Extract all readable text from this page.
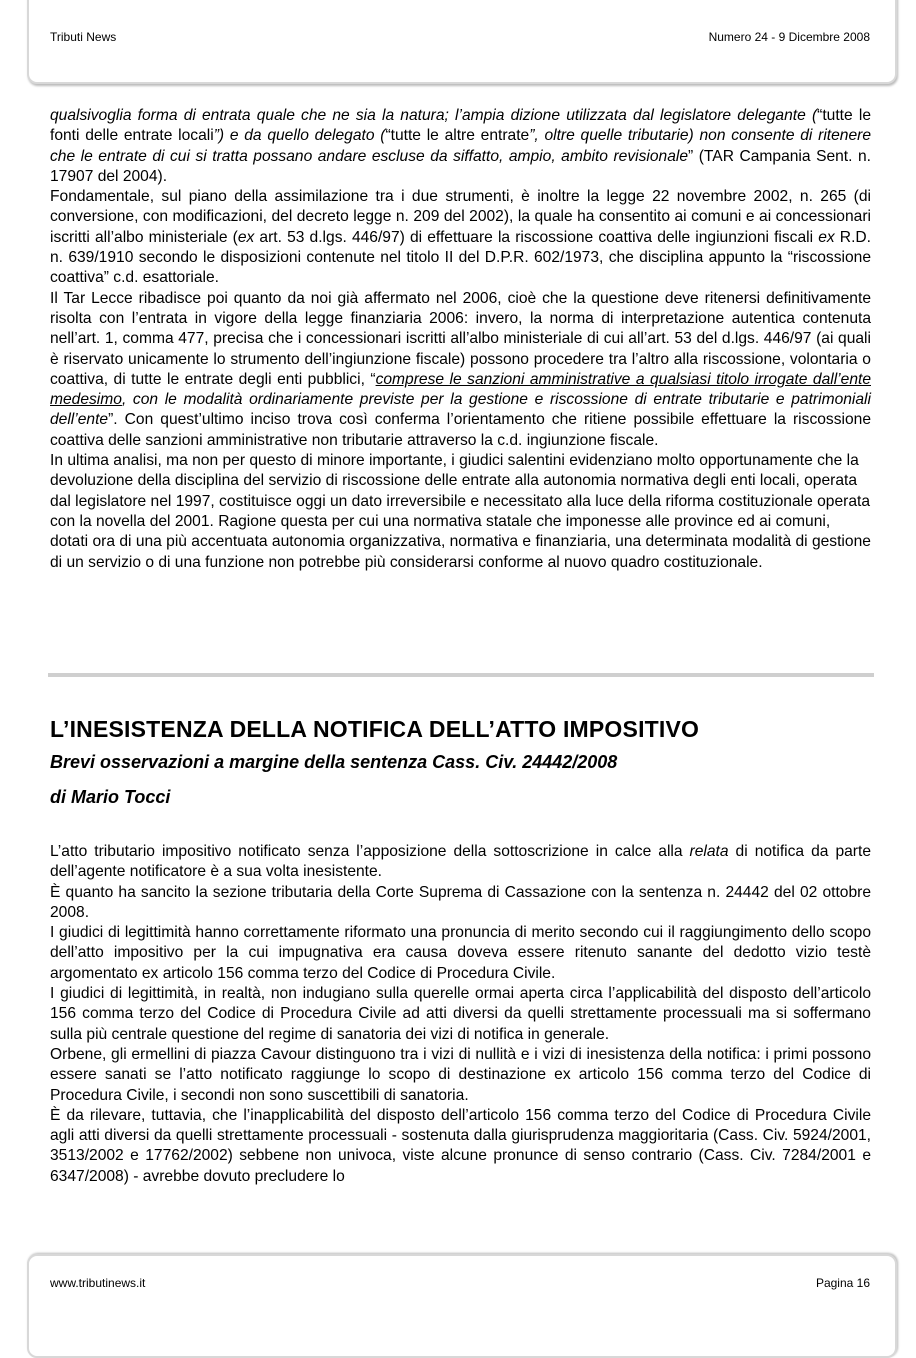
Tributi News	Numero 24 - 9 Dicembre 2008

qualsivoglia forma di entrata quale che ne sia la natura; l’ampia dizione utilizzata dal legislatore delegante (“tutte le fonti delle entrate locali”) e da quello delegato (“tutte le altre entrate”, oltre quelle tributarie) non consente di ritenere che le entrate di cui si tratta possano andare escluse da siffatto, ampio, ambito revisionale” (TAR Campania Sent. n. 17907 del 2004).

Fondamentale, sul piano della assimilazione tra i due strumenti, è inoltre la legge 22 novembre 2002, n. 265 (di conversione, con modificazioni, del decreto legge n. 209 del 2002), la quale ha consentito ai comuni e ai concessionari iscritti all’albo ministeriale (ex art. 53 d.lgs. 446/97) di effettuare la riscossione coattiva delle ingiunzioni fiscali ex R.D. n. 639/1910 secondo le disposizioni contenute nel titolo II del D.P.R. 602/1973, che disciplina appunto la “riscossione coattiva” c.d. esattoriale.

Il Tar Lecce ribadisce poi quanto da noi già affermato nel 2006, cioè che la questione deve ritenersi definitivamente risolta con l’entrata in vigore della legge finanziaria 2006: invero, la norma di interpretazione autentica contenuta nell’art. 1, comma 477, precisa che i concessionari iscritti all’albo ministeriale di cui all’art. 53 del d.lgs. 446/97 (ai quali è riservato unicamente lo strumento dell’ingiunzione fiscale) possono procedere tra l’altro alla riscossione, volontaria o coattiva, di tutte le entrate degli enti pubblici, “comprese le sanzioni amministrative a qualsiasi titolo irrogate dall’ente medesimo, con le modalità ordinariamente previste per la gestione e riscossione di entrate tributarie e patrimoniali dell’ente”. Con quest’ultimo inciso trova così conferma l’orientamento che ritiene possibile effettuare la riscossione coattiva delle sanzioni amministrative non tributarie attraverso la c.d. ingiunzione fiscale.

In ultima analisi, ma non per questo di minore importante, i giudici salentini evidenziano molto opportunamente che la devoluzione della disciplina del servizio di riscossione delle entrate alla autonomia normativa degli enti locali, operata dal legislatore nel 1997, costituisce oggi un dato irreversibile e necessitato alla luce della riforma costituzionale operata con la novella del 2001. Ragione questa per cui una normativa statale che imponesse alle province ed ai comuni, dotati ora di una più accentuata autonomia organizzativa, normativa e finanziaria, una determinata modalità di gestione di un servizio o di una funzione non potrebbe più considerarsi conforme al nuovo quadro costituzionale.

L’INESISTENZA DELLA NOTIFICA DELL’ATTO IMPOSITIVO
Brevi osservazioni a margine della sentenza Cass. Civ. 24442/2008
di Mario Tocci

L’atto tributario impositivo notificato senza l’apposizione della sottoscrizione in calce alla relata di notifica da parte dell’agente notificatore è a sua volta inesistente.

È quanto ha sancito la sezione tributaria della Corte Suprema di Cassazione con la sentenza n. 24442 del 02 ottobre 2008.

I giudici di legittimità hanno correttamente riformato una pronuncia di merito secondo cui il raggiungimento dello scopo dell’atto impositivo per la cui impugnativa era causa doveva essere ritenuto sanante del dedotto vizio testè argomentato ex articolo 156 comma terzo del Codice di Procedura Civile.

I giudici di legittimità, in realtà, non indugiano sulla querelle ormai aperta circa l’applicabilità del disposto dell’articolo 156 comma terzo del Codice di Procedura Civile ad atti diversi da quelli strettamente processuali ma si soffermano sulla più centrale questione del regime di sanatoria dei vizi di notifica in generale.

Orbene, gli ermellini di piazza Cavour distinguono tra i vizi di nullità e i vizi di inesistenza della notifica: i primi possono essere sanati se l’atto notificato raggiunge lo scopo di destinazione ex articolo 156 comma terzo del Codice di Procedura Civile, i secondi non sono suscettibili di sanatoria.

È da rilevare, tuttavia, che l’inapplicabilità del disposto dell’articolo 156 comma terzo del Codice di Procedura Civile agli atti diversi da quelli strettamente processuali - sostenuta dalla giurisprudenza maggioritaria (Cass. Civ. 5924/2001, 3513/2002 e 17762/2002) sebbene non univoca, viste alcune pronunce di senso contrario (Cass. Civ. 7284/2001 e 6347/2008) - avrebbe dovuto precludere lo

www.tributinews.it	Pagina 16
